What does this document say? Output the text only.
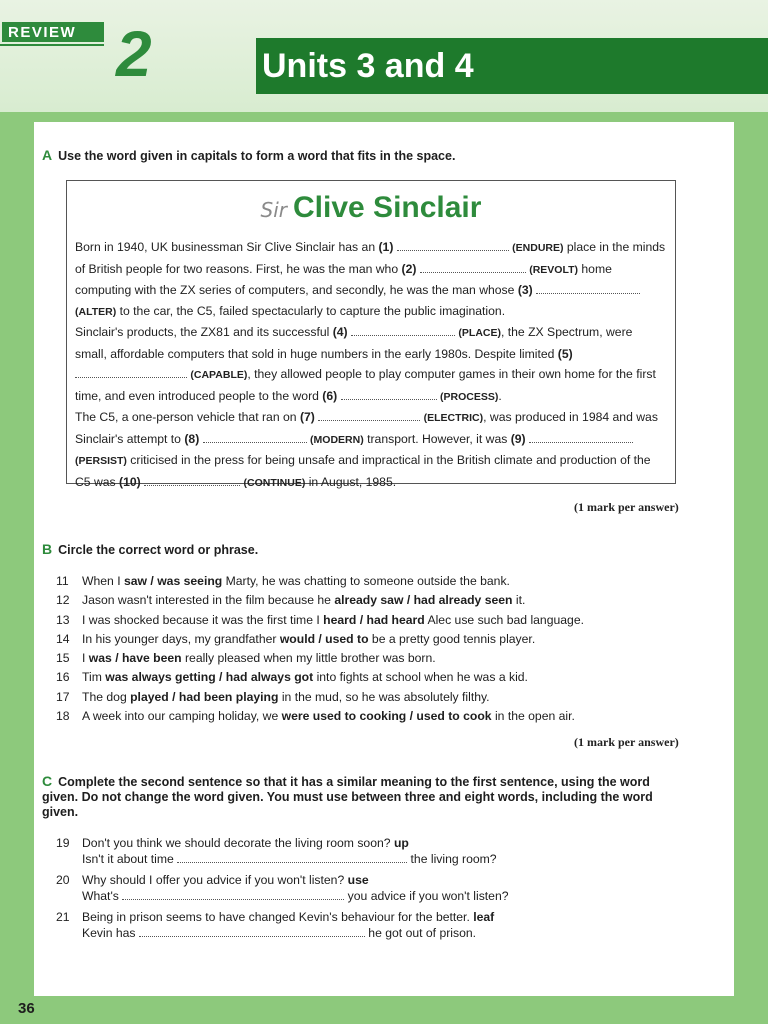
REVIEW 2	Units 3 and 4
A Use the word given in capitals to form a word that fits in the space.
Sir Clive Sinclair
Born in 1940, UK businessman Sir Clive Sinclair has an (1)	(ENDURE) place in the minds of British people for two reasons. First, he was the man who (2)	(REVOLT) home computing with the ZX series of computers, and secondly, he was the man whose (3)  (ALTER) to the car, the C5, failed spectacularly to capture the public imagination.
Sinclair's products, the ZX81 and its successful (4)	(PLACE), the ZX Spectrum, were small, affordable computers that sold in huge numbers in the early 1980s. Despite limited (5)  (CAPABLE), they allowed people to play computer games in their own home for the first time, and even introduced people to the word (6)	(PROCESS).
The C5, a one-person vehicle that ran on (7)	(ELECTRIC), was produced in 1984 and was Sinclair's attempt to (8)	(MODERN) transport. However, it was (9)  (PERSIST) criticised in the press for being unsafe and impractical in the British climate and production of the C5 was (10)	(CONTINUE) in August, 1985.
(1 mark per answer)
B Circle the correct word or phrase.
11	When I saw / was seeing Marty, he was chatting to someone outside the bank.
12	Jason wasn't interested in the film because he already saw / had already seen it.
13	I was shocked because it was the first time I heard / had heard Alec use such bad language.
14	In his younger days, my grandfather would / used to be a pretty good tennis player.
15	I was / have been really pleased when my little brother was born.
16	Tim was always getting / had always got into fights at school when he was a kid.
17	The dog played / had been playing in the mud, so he was absolutely filthy.
18	A week into our camping holiday, we were used to cooking / used to cook in the open air.
(1 mark per answer)
C Complete the second sentence so that it has a similar meaning to the first sentence, using the word given. Do not change the word given. You must use between three and eight words, including the word given.
19	Don't you think we should decorate the living room soon? up
Isn't it about time	the living room?
20	Why should I offer you advice if you won't listen? use
What's	you advice if you won't listen?
21	Being in prison seems to have changed Kevin's behaviour for the better. leaf
Kevin has	he got out of prison.
36
